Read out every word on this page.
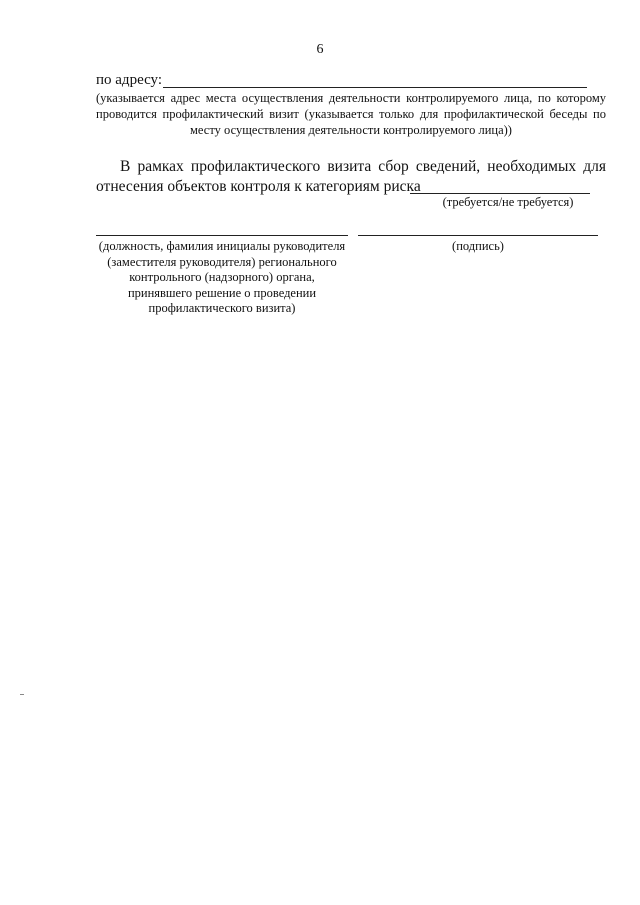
6
по адресу:
(указывается адрес места осуществления деятельности контролируемого лица, по которому проводится профилактический визит (указывается только для профилактической беседы по месту осуществления деятельности контролируемого лица))
В рамках профилактического визита сбор сведений, необходимых для
отнесения объектов контроля к категориям риска
(требуется/не требуется)
(должность, фамилия инициалы руководителя (заместителя руководителя) регионального контрольного (надзорного) органа, принявшего решение о проведении профилактического визита)
(подпись)
